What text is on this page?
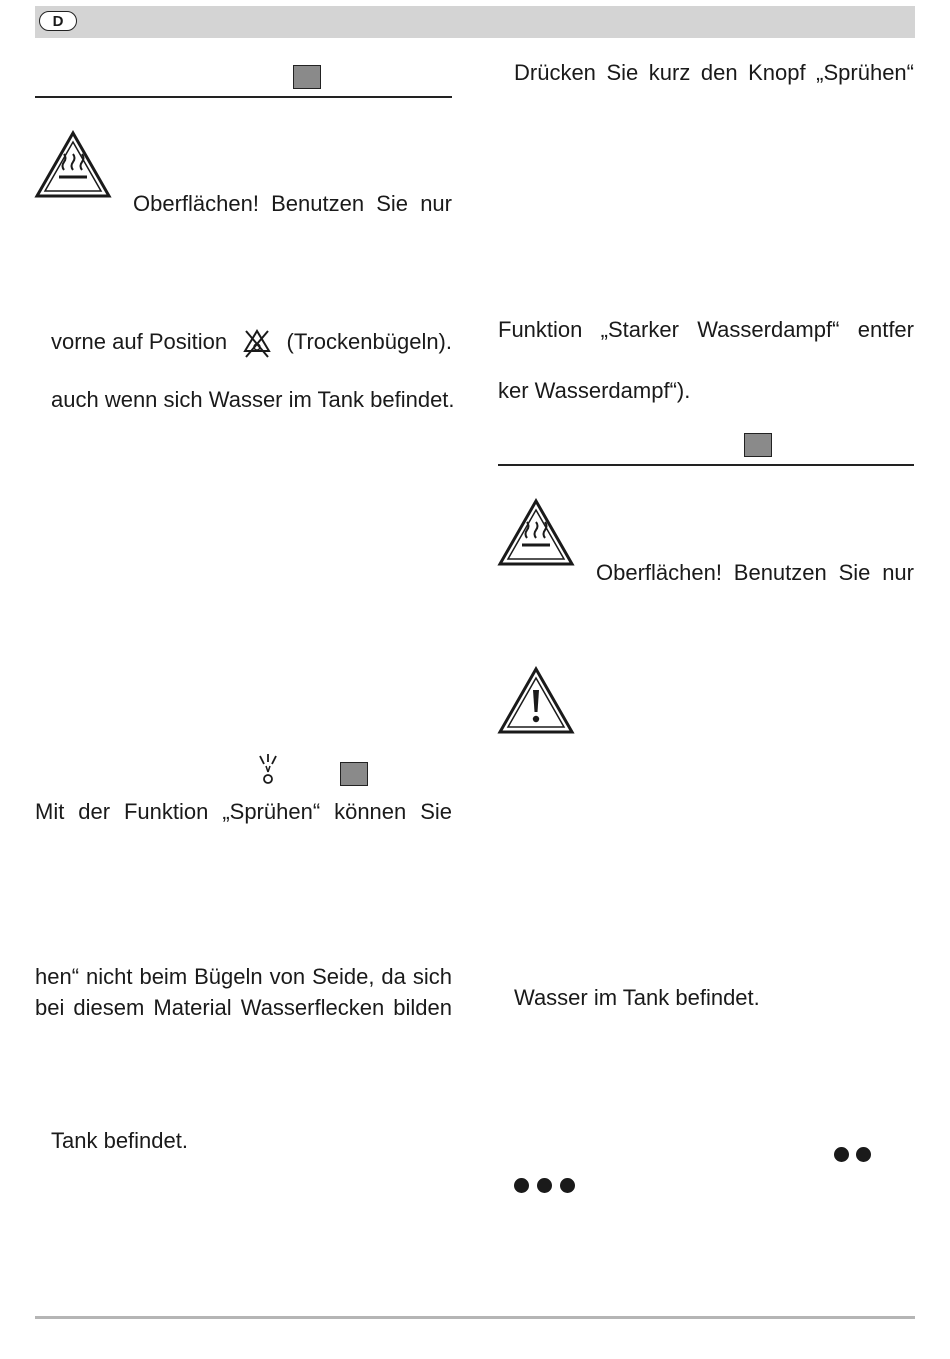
D
Oberflächen! Benutzen Sie nur
vorne auf Position	(Trockenbügeln).
auch wenn sich Wasser im Tank befindet.
Mit der Funktion „Sprühen“ können Sie
hen“ nicht beim Bügeln von Seide, da sich
bei diesem Material Wasserflecken bilden
Tank befindet.
Drücken Sie kurz den Knopf „Sprühen“
Funktion „Starker Wasserdampf“ entfer
ker Wasserdampf“).
Oberflächen! Benutzen Sie nur
Wasser im Tank befindet.
